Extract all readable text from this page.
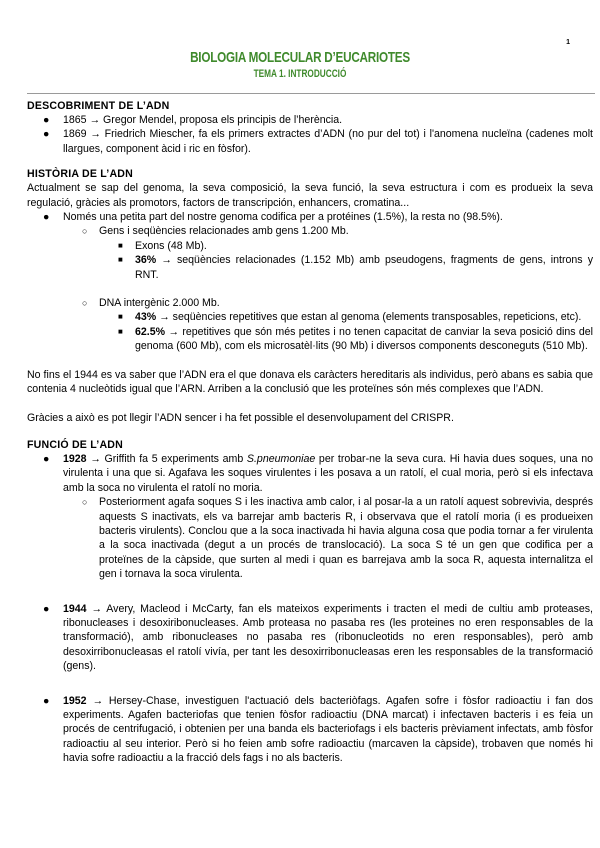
1
BIOLOGIA MOLECULAR D’EUCARIOTES
TEMA 1. INTRODUCCIÓ
DESCOBRIMENT DE L’ADN
● 1865 → Gregor Mendel, proposa els principis de l’herència.
● 1869 → Friedrich Miescher, fa els primers extractes d’ADN (no pur del tot) i l'anomena nucleïna (cadenes molt llargues, component àcid i ric en fòsfor).
HISTÒRIA DE L’ADN

Actualment se sap del genoma, la seva composició, la seva funció, la seva estructura i com es produeix la seva regulació, gràcies als promotors, factors de transcripción, enhancers, cromatina...

● Només una petita part del nostre genoma codifica per a protéines (1.5%), la resta no (98.5%).
○ Gens i seqüències relacionades amb gens 1.200 Mb.
■ Exons (48 Mb).
■ 36% → seqüències relacionades (1.152 Mb) amb pseudogens, fragments de gens, introns y RNT.
○ DNA intergènic 2.000 Mb.
■ 43% → seqüències repetitives que estan al genoma (elements transposables, repeticions, etc).
■ 62.5% → repetitives que són més petites i no tenen capacitat de canviar la seva posició dins del genoma (600 Mb), com els microsatèl·lits (90 Mb) i diversos components desconeguts (510 Mb).

No fins el 1944 es va saber que l’ADN era el que donava els caràcters hereditaris als individus, però abans es sabia que contenia 4 nucleòtids igual que l’ARN. Arriben a la conclusió que les proteïnes són més complexes que l’ADN.

Gràcies a això es pot llegir l’ADN sencer i ha fet possible el desenvolupament del CRISPR.

FUNCIÓ DE L’ADN
● 1928 → Griffith fa 5 experiments amb S.pneumoniae per trobar-ne la seva cura. Hi havia dues soques, una no virulenta i una que si. Agafava les soques virulentes i les posava a un ratolí, el cual moria, però si els infectava amb la soca no virulenta el ratolí no moria.
○ Posteriorment agafa soques S i les inactiva amb calor, i al posar-la a un ratolí aquest sobrevivia, després aquests S inactivats, els va barrejar amb bacteris R, i observava que el ratolí moria (i es produeixen bacteris virulents). Conclou que a la soca inactivada hi havia alguna cosa que podia tornar a fer virulenta a la soca inactivada (degut a un procés de translocació). La soca S té un gen que codifica per a proteïnes de la càpside, que surten al medi i quan es barrejava amb la soca R, aquesta internalitza el gen i tornava la soca virulenta.
● 1944 → Avery, Macleod i McCarty, fan els mateixos experiments i tracten el medi de cultiu amb proteases, ribonucleases i desoxiribonucleases. Amb proteasa no pasaba res (les proteines no eren responsables de la transformació), amb ribonucleases no pasaba res (ribonucleotids no eren responsables), però amb desoxirribonucleasas el ratolí vivía, per tant les desoxirribonucleasas eren les responsables de la transformació (gens).
● 1952 → Hersey-Chase, investiguen l'actuació dels bacteriòfags. Agafen sofre i fòsfor radioactiu i fan dos experiments. Agafen bacteriofas que tenien fòsfor radioactiu (DNA marcat) i infectaven bacteris i es feia un procés de centrifugació, i obtenien per una banda els bacteriofags i els bacteris prèviament infectats, amb fòsfor radioactiu al seu interior. Però si ho feien amb sofre radioactiu (marcaven la càpside), trobaven que només hi havia sofre radioactiu a la fracció dels fags i no als bacteris.
